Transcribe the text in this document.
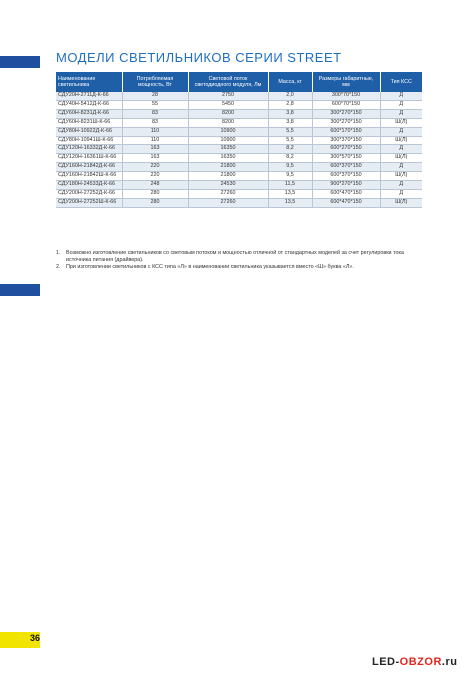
МОДЕЛИ СВЕТИЛЬНИКОВ СЕРИИ STREET
Наименование светильника	Потребляемая мощность, Вт	Световой поток светодиодного модуля, Лм	Масса, кг	Размеры габаритные, мм	Тип КСС
СДУ20Н-2711Д-К-66	28	2750	2,0	300*70*150	Д
СДУ40Н-5412Д-К-66	55	5450	2,8	600*70*150	Д
СДУ60Н-8231Д-К-66	83	8200	3,8	300*270*150	Д
СДУ60Н-8231Ш-К-66	83	8200	3,8	300*270*150	Ш(Л)
СДУ80Н-10922Д-К-66	110	10900	5,5	600*170*150	Д
СДУ80Н-10941Ш-К-66	110	10900	5,5	300*370*150	Ш(Л)
СДУ120Н-16332Д-К-66	163	16350	8,2	600*270*150	Д
СДУ120Н-16361Ш-К-66	163	16350	8,2	300*570*150	Ш(Л)
СДУ160Н-21842Д-К-66	220	21800	9,5	600*370*150	Д
СДУ160Н-21842Ш-К-66	220	21800	9,5	600*370*150	Ш(Л)
СДУ180Н-24533Д-К-66	248	24530	11,5	900*270*150	Д
СДУ200Н-27252Д-К-66	280	27260	13,5	600*470*150	Д
СДУ200Н-27252Ш-К-66	280	27260	13,5	600*470*150	Ш(Л)
1. Возможно изготовление светильников со световым потоком и мощностью отличной от стандартных моделей за счет регулировки тока источника питания (драйвера).
2. При изготовлении светильников с КСС типа «Л» в наименовании светильника указывается вместо «Ш» буква «Л».
36
LED-OBZOR.ru
